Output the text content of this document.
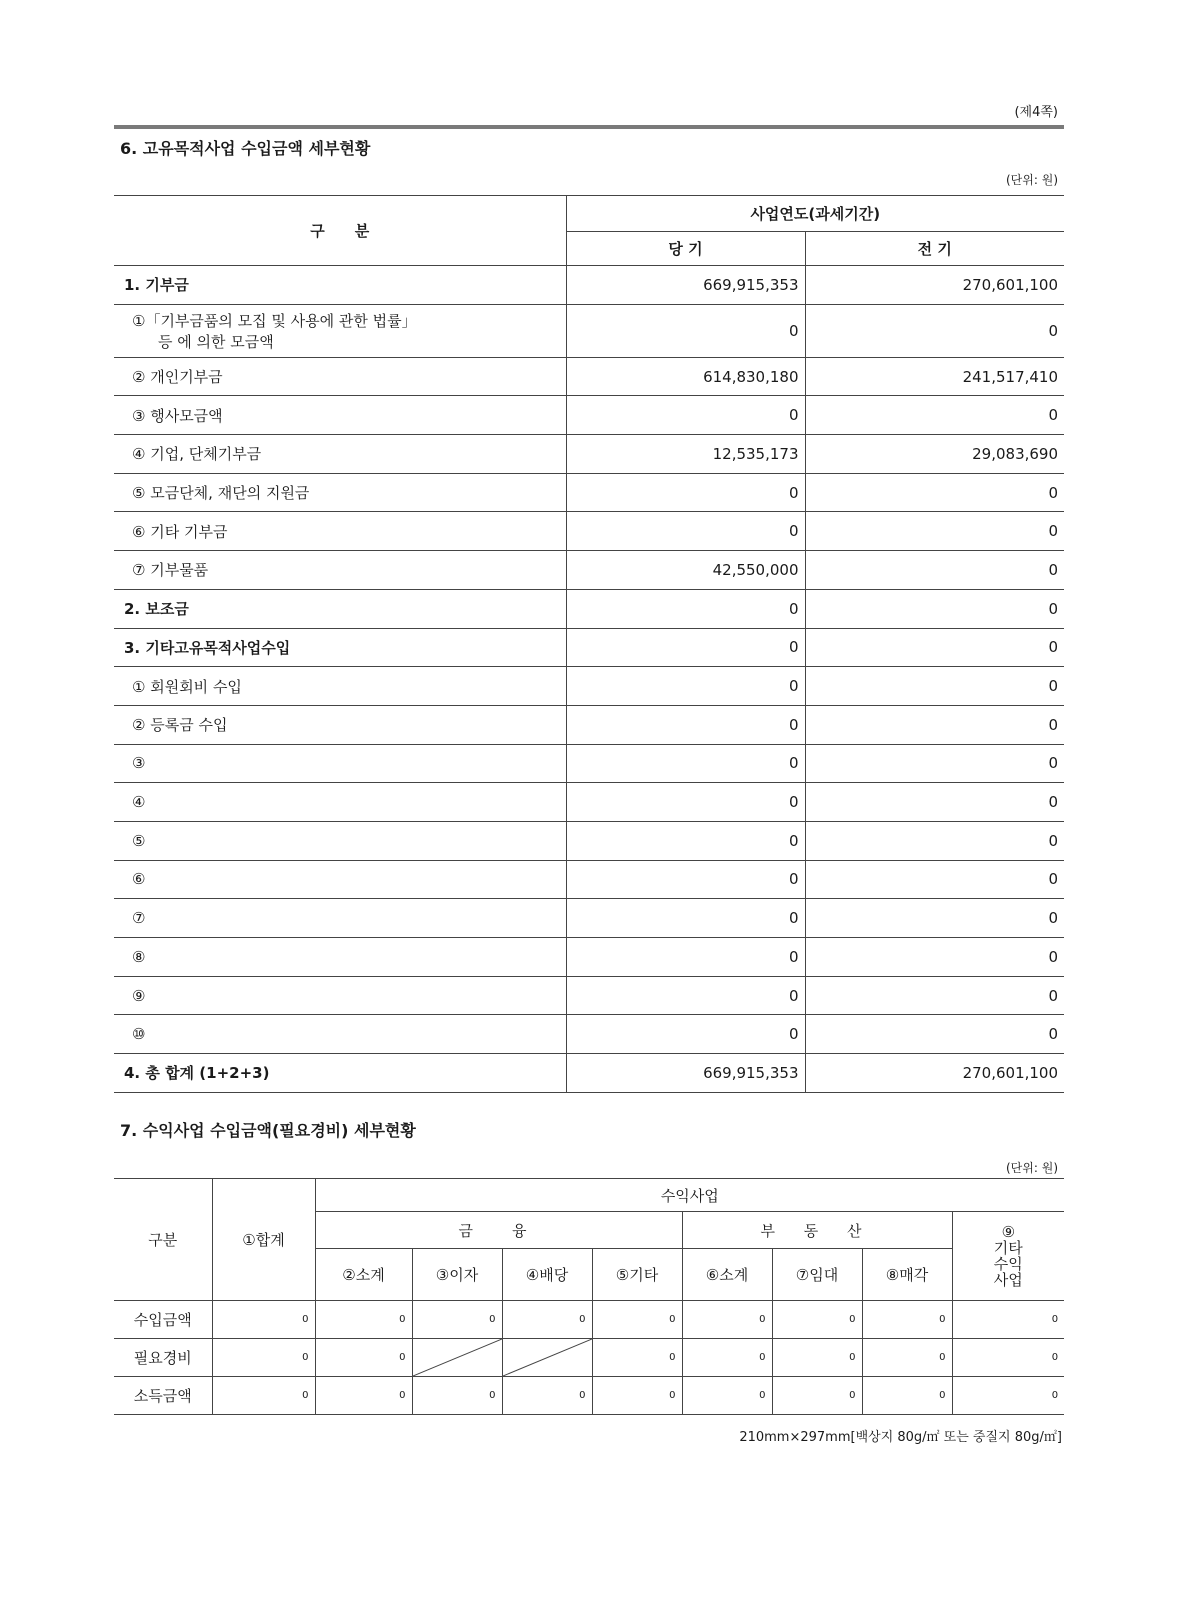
(제4쪽)
6. 고유목적사업 수입금액 세부현황
(단위: 원)
구　　분	사업연도(과세기간)	
	당 기	전 기
1. 기부금	669,915,353	270,601,100
①「기부금품의 모집 및 사용에 관한 법률」
등 에 의한 모금액	0	0
② 개인기부금	614,830,180	241,517,410
③ 행사모금액	0	0
④ 기업, 단체기부금	12,535,173	29,083,690
⑤ 모금단체, 재단의 지원금	0	0
⑥ 기타 기부금	0	0
⑦ 기부물품	42,550,000	0
2. 보조금	0	0
3. 기타고유목적사업수입	0	0
① 회원회비 수입	0	0
② 등록금 수입	0	0
③	0	0
④	0	0
⑤	0	0
⑥	0	0
⑦	0	0
⑧	0	0
⑨	0	0
⑩	0	0
4. 총 합계 (1+2+3)	669,915,353	270,601,100
7. 수익사업 수입금액(필요경비) 세부현황
(단위: 원)
구분	①합계	수익사업							
		금　융				부 동 산			⑨
기타
수익
사업

		②소계	③이자	④배당	⑤기타	⑥소계	⑦임대	⑧매각	
수입금액	0	0	0	0	0	0	0	0	0
필요경비	0	0			0	0	0	0	0
소득금액	0	0	0	0	0	0	0	0	0
210mm×297mm[백상지 80g/㎡ 또는 중질지 80g/㎡]
